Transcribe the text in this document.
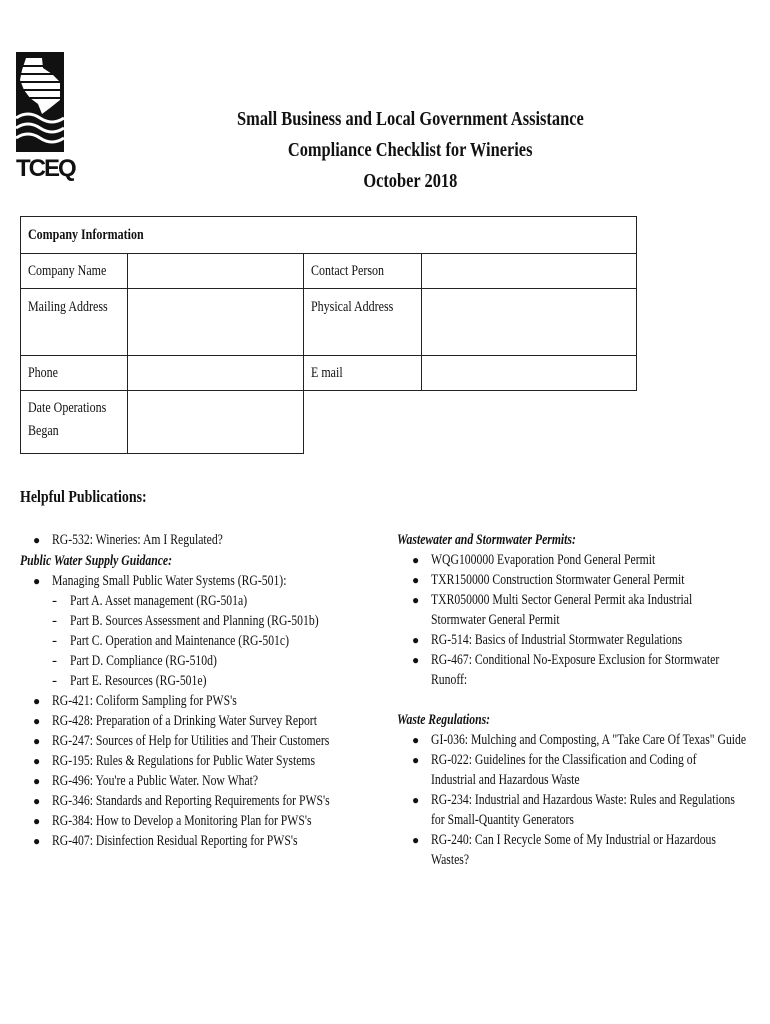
TCEQ
Small Business and Local Government Assistance
Compliance Checklist for Wineries
October 2018
Company Information			
Company Name		Contact Person	
Mailing Address		Physical Address	
Phone		E mail	
Date Operations
Began			
Helpful Publications:
● RG-532: Wineries: Am I Regulated?
Public Water Supply Guidance:
● Managing Small Public Water Systems (RG-501):
- Part A. Asset management (RG-501a)
- Part B. Sources Assessment and Planning (RG-501b)
- Part C. Operation and Maintenance (RG-501c)
- Part D. Compliance (RG-510d)
- Part E. Resources (RG-501e)
● RG-421: Coliform Sampling for PWS's
● RG-428: Preparation of a Drinking Water Survey Report
● RG-247: Sources of Help for Utilities and Their Customers
● RG-195: Rules & Regulations for Public Water Systems
● RG-496: You're a Public Water. Now What?
● RG-346: Standards and Reporting Requirements for PWS's
● RG-384: How to Develop a Monitoring Plan for PWS's
● RG-407: Disinfection Residual Reporting for PWS's
Wastewater and Stormwater Permits:
● WQG100000 Evaporation Pond General Permit
● TXR150000 Construction Stormwater General Permit
● TXR050000 Multi Sector General Permit aka Industrial
Stormwater General Permit
● RG-514: Basics of Industrial Stormwater Regulations
● RG-467: Conditional No-Exposure Exclusion for Stormwater
Runoff:
Waste Regulations:
● GI-036: Mulching and Composting, A "Take Care Of Texas" Guide
● RG-022: Guidelines for the Classification and Coding of
Industrial and Hazardous Waste
● RG-234: Industrial and Hazardous Waste: Rules and Regulations
for Small-Quantity Generators
● RG-240: Can I Recycle Some of My Industrial or Hazardous
Wastes?
